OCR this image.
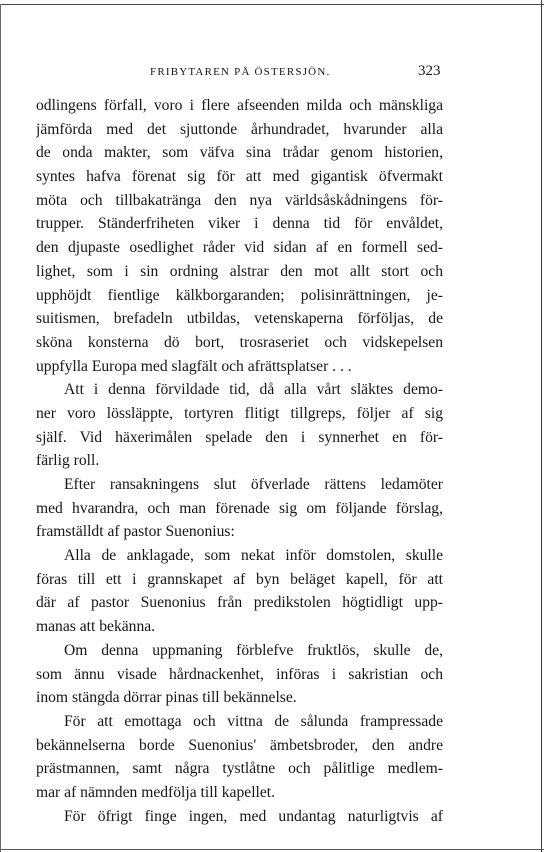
FRIBYTAREN PÅ ÖSTERSJÖN.	323
odlingens förfall, voro i flere afseenden milda och mänskliga
jämförda med det sjuttonde århundradet, hvarunder alla
de onda makter, som väfva sina trådar genom historien,
syntes hafva förenat sig för att med gigantisk öfvermakt
möta och tillbakatränga den nya världsåskådningens för-
trupper. Ständerfriheten viker i denna tid för envåldet,
den djupaste osedlighet råder vid sidan af en formell sed-
lighet, som i sin ordning alstrar den mot allt stort och
upphöjdt fientlige kälkborgaranden; polisinrättningen, je-
suitismen, brefadeln utbildas, vetenskaperna förföljas, de
sköna konsterna dö bort, trosraseriet och vidskepelsen
uppfylla Europa med slagfält och afrättsplatser . . .
Att i denna förvildade tid, då alla vårt släktes demo-
ner voro lössläppte, tortyren flitigt tillgreps, följer af sig
själf. Vid häxerimålen spelade den i synnerhet en för-
färlig roll.
Efter ransakningens slut öfverlade rättens ledamöter
med hvarandra, och man förenade sig om följande förslag,
framställdt af pastor Suenonius:
Alla de anklagade, som nekat inför domstolen, skulle
föras till ett i grannskapet af byn beläget kapell, för att
där af pastor Suenonius från predikstolen högtidligt upp-
manas att bekänna.
Om denna uppmaning förblefve fruktlös, skulle de,
som ännu visade hårdnackenhet, införas i sakristian och
inom stängda dörrar pinas till bekännelse.
För att emottaga och vittna de sålunda frampressade
bekännelserna borde Suenonius' ämbetsbroder, den andre
prästmannen, samt några tystlåtne och pålitlige medlem-
mar af nämnden medfölja till kapellet.
För öfrigt finge ingen, med undantag naturligtvis af
